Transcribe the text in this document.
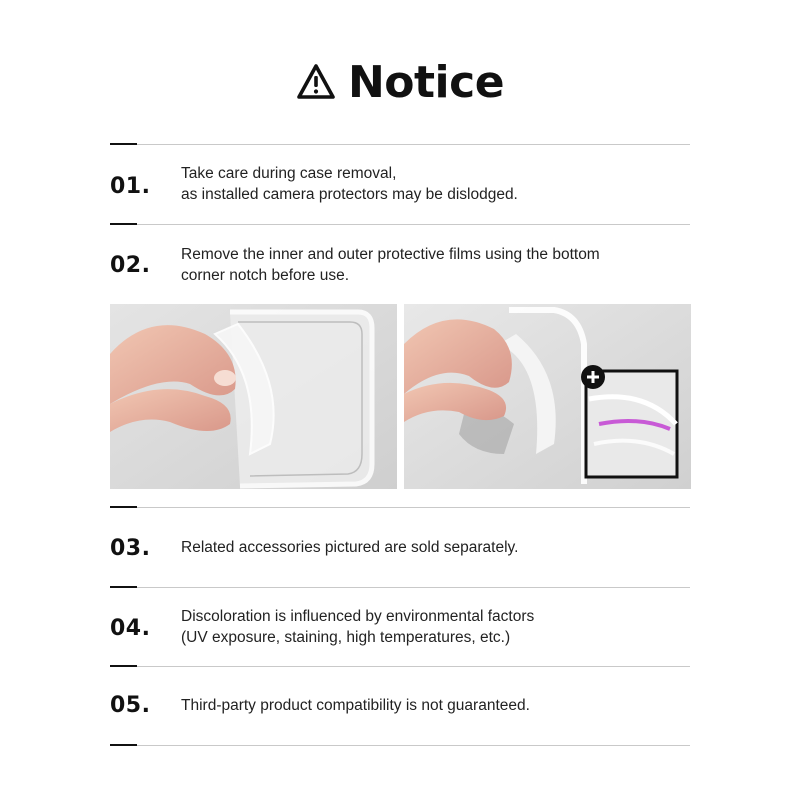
Notice
01.
Take care during case removal,
as installed camera protectors may be dislodged.
02. Remove the inner and outer protective films using the bottom
corner notch before use.
03. Related accessories pictured are sold separately.
04. Discoloration is influenced by environmental factors
(UV exposure, staining, high temperatures, etc.)
05. Third-party product compatibility is not guaranteed.
